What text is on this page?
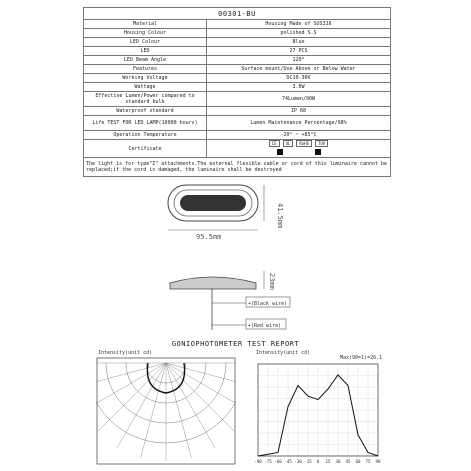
00301-BU	
Material	Housing Made of SUS316
Housing Colour	polished S.S
LED Colour	Blue
LED	27 PCS
LED Beam Angle	120°
Features	Surface mount/Use Above or Below Water
Working Voltage	DC10-30V
Wattage	3.6W
Effective Lumen/Power compared to standard bulb	74Lumen/90W
Waterproof standard	IP 68
Life TEST FOR LED LAMP(10000 hours)	Lumen Maintenance Percentage/98%
Operation Temperature	-20° ~ +85°C
Certificate	CE UL RoHS TUV

The light is for type"Z" attachments.The external flexible cable or cord of this luminaire cannot be replaced;if the cord is damaged, the luminaire shall be destroyed	
95.5mm
41.5mm
23mm
+(Black wire)
+(Red wire)
GONIOPHOTOMETER TEST REPORT
Intensity(unit cd)	Intensity(unit cd)
Max(90=1)=26.1
-90 -75 -60 -45 -30 -15 0 15 30 45 60 75 90
